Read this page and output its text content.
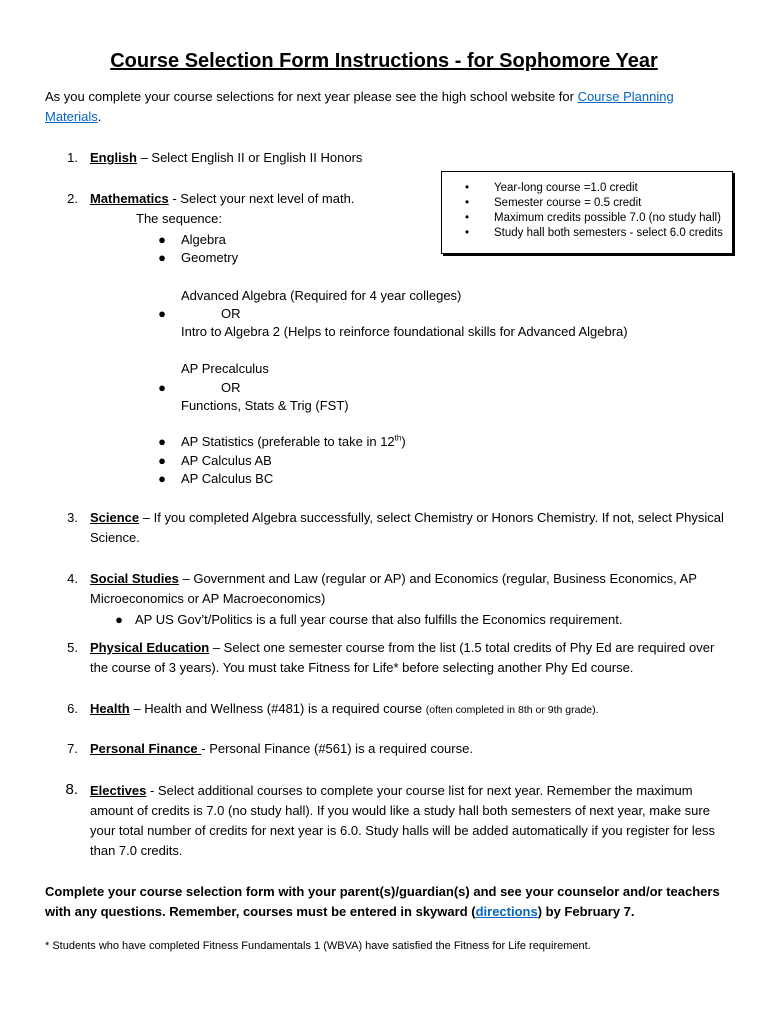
Course Selection Form Instructions - for Sophomore Year
As you complete your course selections for next year please see the high school website for Course Planning Materials.
1. English – Select English II or English II Honors
2. Mathematics - Select your next level of math.
The sequence:
● Algebra
● Geometry
Advanced Algebra (Required for 4 year colleges)
●	OR
Intro to Algebra 2 (Helps to reinforce foundational skills for Advanced Algebra)
AP Precalculus
●	OR
Functions, Stats & Trig (FST)
● AP Statistics (preferable to take in 12th)
● AP Calculus AB
● AP Calculus BC
• Year-long course =1.0 credit
• Semester course = 0.5 credit
• Maximum credits possible 7.0 (no study hall)
• Study hall both semesters - select 6.0 credits
3. Science – If you completed Algebra successfully, select Chemistry or Honors Chemistry. If not, select Physical Science.
4. Social Studies – Government and Law (regular or AP) and Economics (regular, Business Economics, AP Microeconomics or AP Macroeconomics)
● AP US Gov’t/Politics is a full year course that also fulfills the Economics requirement.
5. Physical Education – Select one semester course from the list (1.5 total credits of Phy Ed are required over the course of 3 years). You must take Fitness for Life* before selecting another Phy Ed course.
6. Health – Health and Wellness (#481) is a required course (often completed in 8th or 9th grade).
7. Personal Finance - Personal Finance (#561) is a required course.
8. Electives - Select additional courses to complete your course list for next year. Remember the maximum amount of credits is 7.0 (no study hall). If you would like a study hall both semesters of next year, make sure your total number of credits for next year is 6.0. Study halls will be added automatically if you register for less than 7.0 credits.
Complete your course selection form with your parent(s)/guardian(s) and see your counselor and/or teachers with any questions. Remember, courses must be entered in skyward (directions) by February 7.
* Students who have completed Fitness Fundamentals 1 (WBVA) have satisfied the Fitness for Life requirement.
